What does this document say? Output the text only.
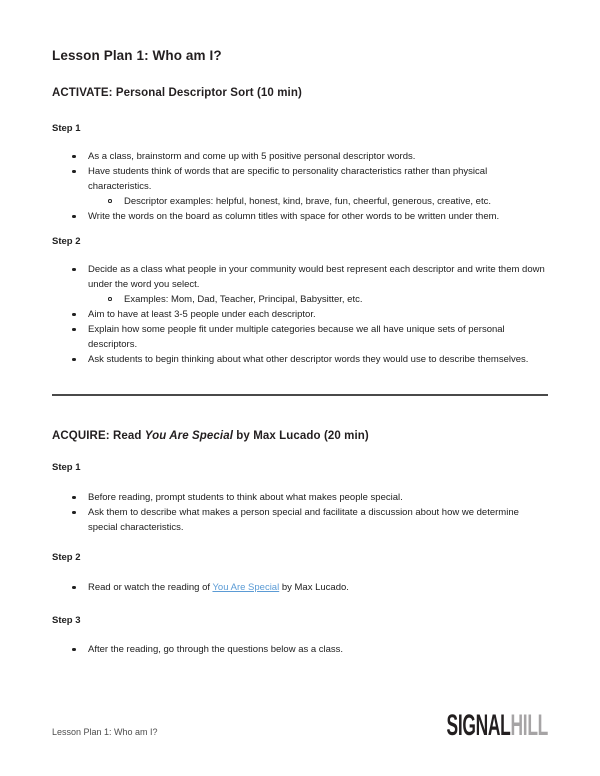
Lesson Plan 1: Who am I?
ACTIVATE: Personal Descriptor Sort (10 min)

Step 1

As a class, brainstorm and come up with 5 positive personal descriptor words.
Have students think of words that are specific to personality characteristics rather than physical characteristics.
Descriptor examples: helpful, honest, kind, brave, fun, cheerful, generous, creative, etc.
Write the words on the board as column titles with space for other words to be written under them.

Step 2

Decide as a class what people in your community would best represent each descriptor and write them down under the word you select.
Examples: Mom, Dad, Teacher, Principal, Babysitter, etc.
Aim to have at least 3-5 people under each descriptor.
Explain how some people fit under multiple categories because we all have unique sets of personal descriptors.
Ask students to begin thinking about what other descriptor words they would use to describe themselves.
ACQUIRE: Read You Are Special by Max Lucado (20 min)

Step 1

Before reading, prompt students to think about what makes people special.
Ask them to describe what makes a person special and facilitate a discussion about how we determine special characteristics.

Step 2

Read or watch the reading of You Are Special by Max Lucado.

Step 3

After the reading, go through the questions below as a class.
Lesson Plan 1: Who am I?	SIGNALHILL
